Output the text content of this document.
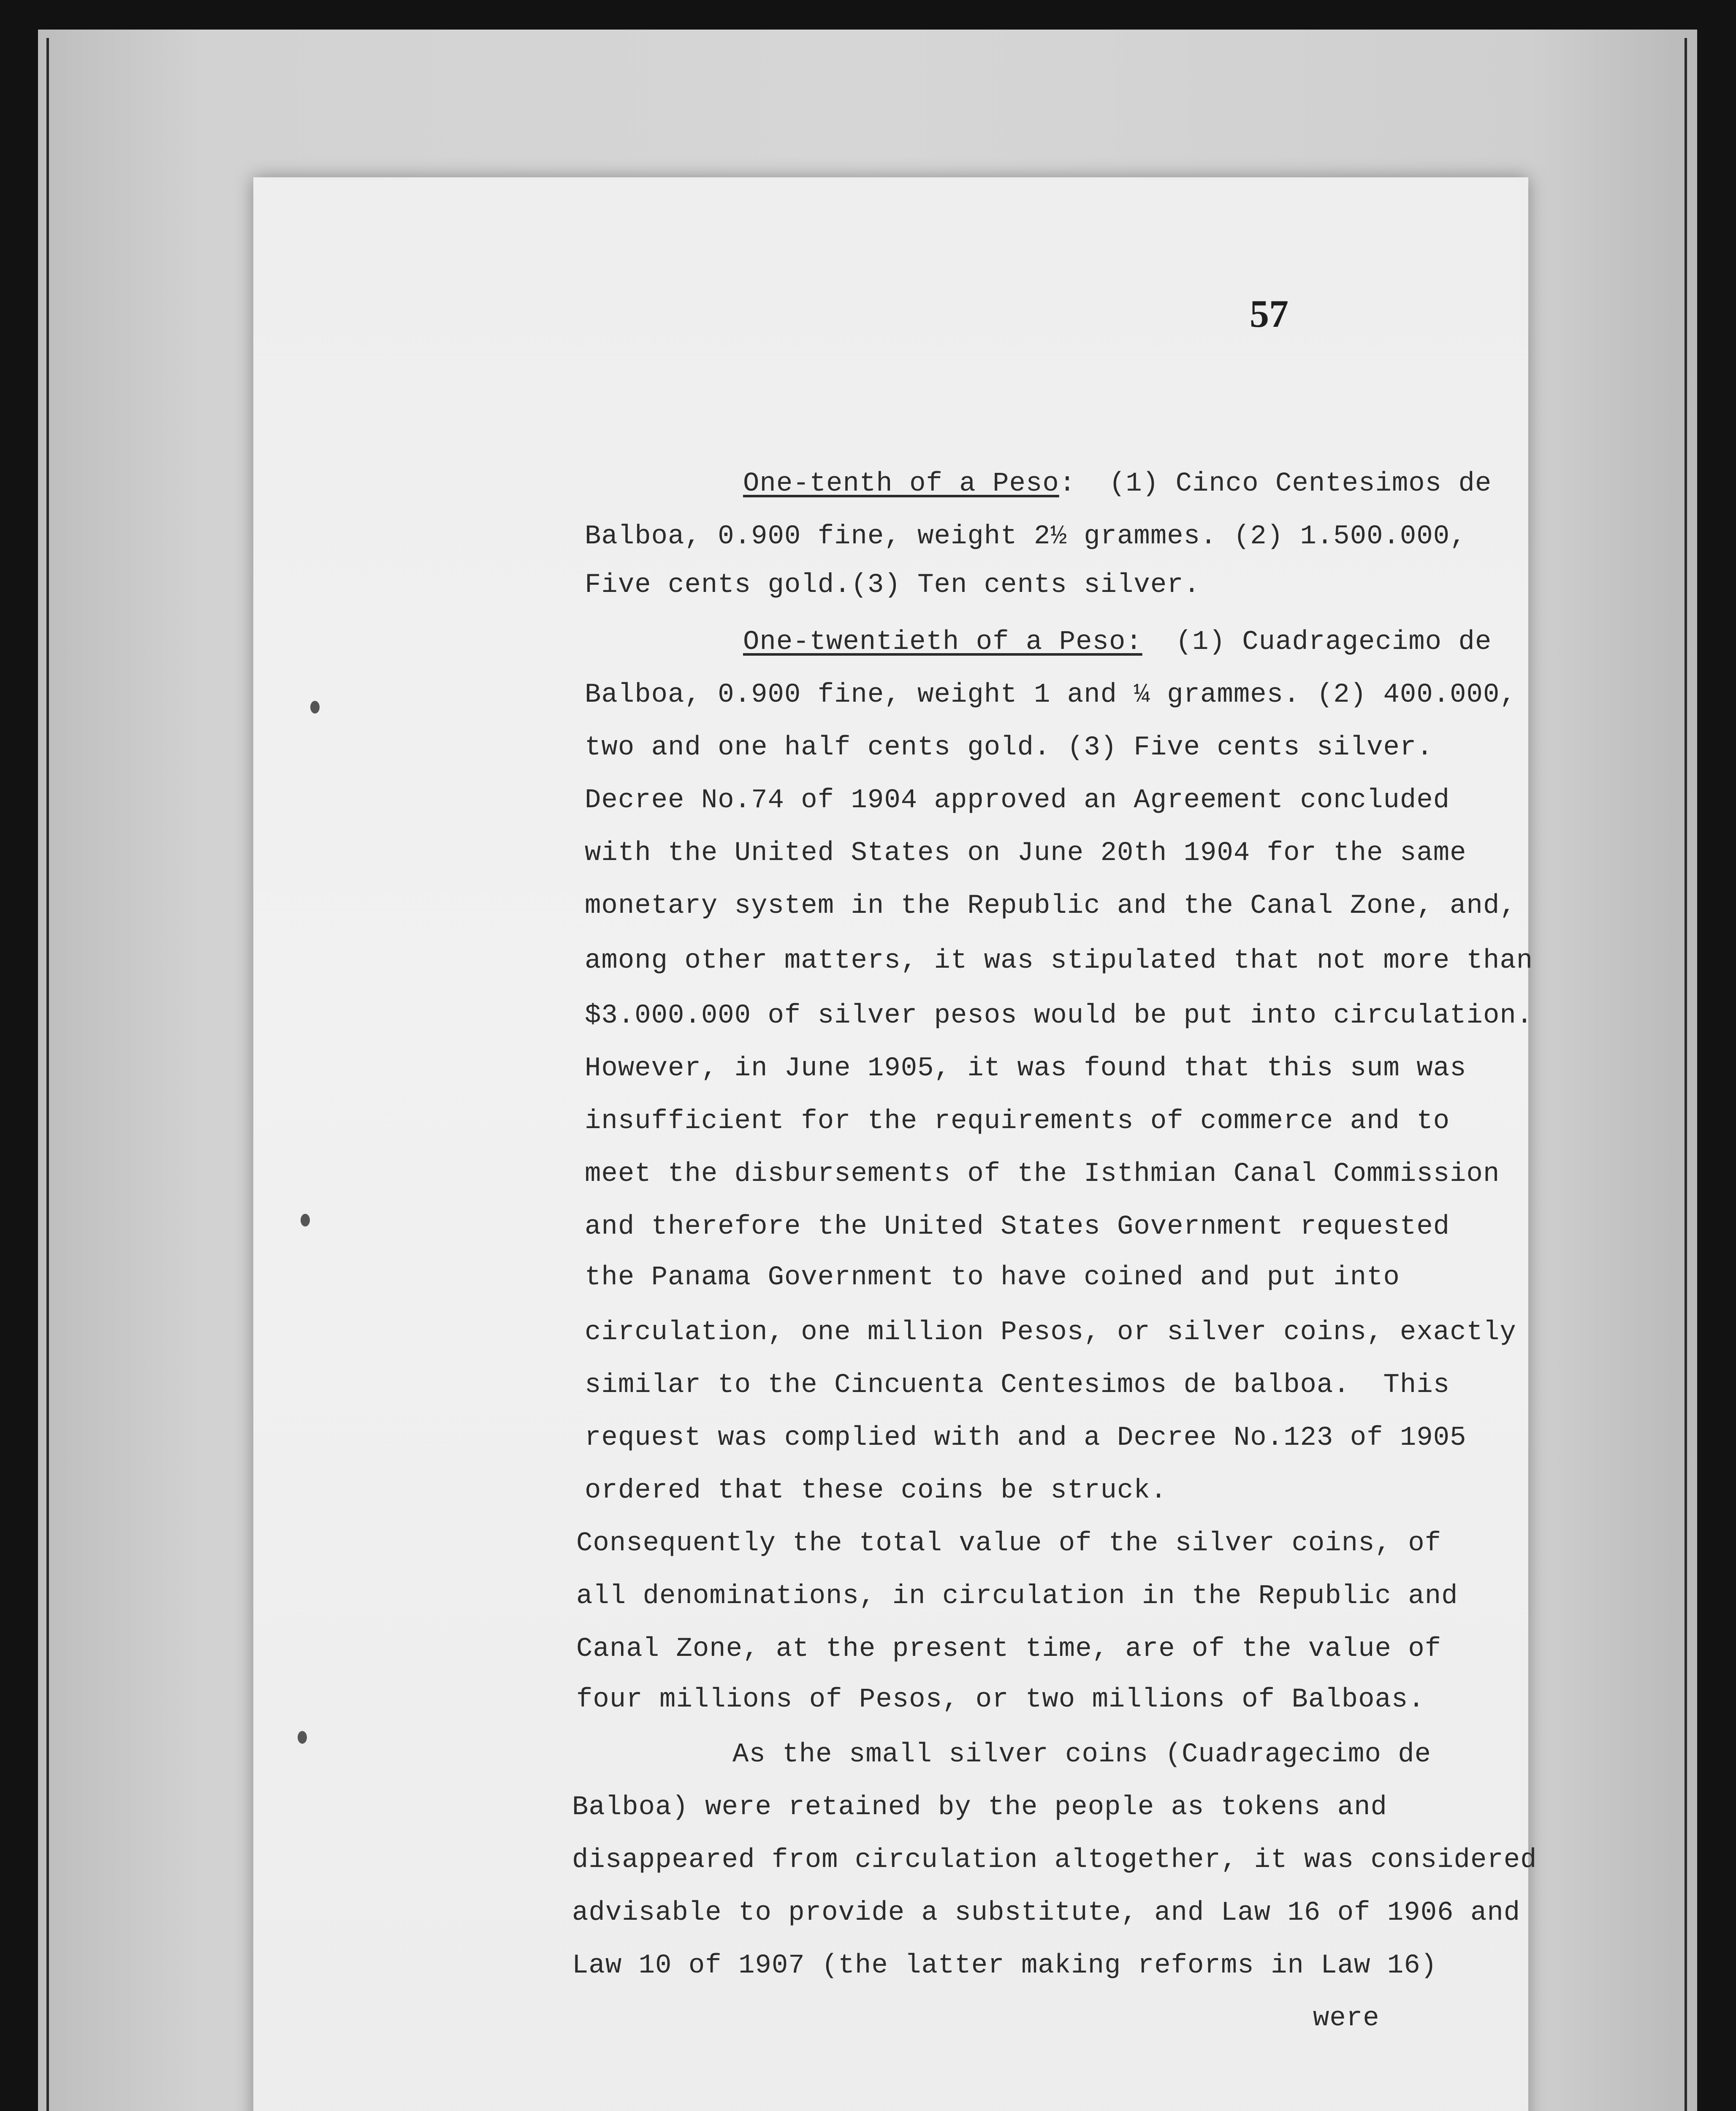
57
One-tenth of a Peso:  (1) Cinco Centesimos de
Balboa, 0.900 fine, weight 2½ grammes. (2) 1.500.000,
Five cents gold.(3) Ten cents silver.
One-twentieth of a Peso:  (1) Cuadragecimo de
Balboa, 0.900 fine, weight 1 and ¼ grammes. (2) 400.000,
two and one half cents gold. (3) Five cents silver.
Decree No.74 of 1904 approved an Agreement concluded
with the United States on June 20th 1904 for the same
monetary system in the Republic and the Canal Zone, and,
among other matters, it was stipulated that not more than
$3.000.000 of silver pesos would be put into circulation.
However, in June 1905, it was found that this sum was
insufficient for the requirements of commerce and to
meet the disbursements of the Isthmian Canal Commission
and therefore the United States Government requested
the Panama Government to have coined and put into
circulation, one million Pesos, or silver coins, exactly
similar to the Cincuenta Centesimos de balboa.  This
request was complied with and a Decree No.123 of 1905
ordered that these coins be struck.
Consequently the total value of the silver coins, of
all denominations, in circulation in the Republic and
Canal Zone, at the present time, are of the value of
four millions of Pesos, or two millions of Balboas.
As the small silver coins (Cuadragecimo de
Balboa) were retained by the people as tokens and
disappeared from circulation altogether, it was considered
advisable to provide a substitute, and Law 16 of 1906 and
Law 10 of 1907 (the latter making reforms in Law 16)
were
